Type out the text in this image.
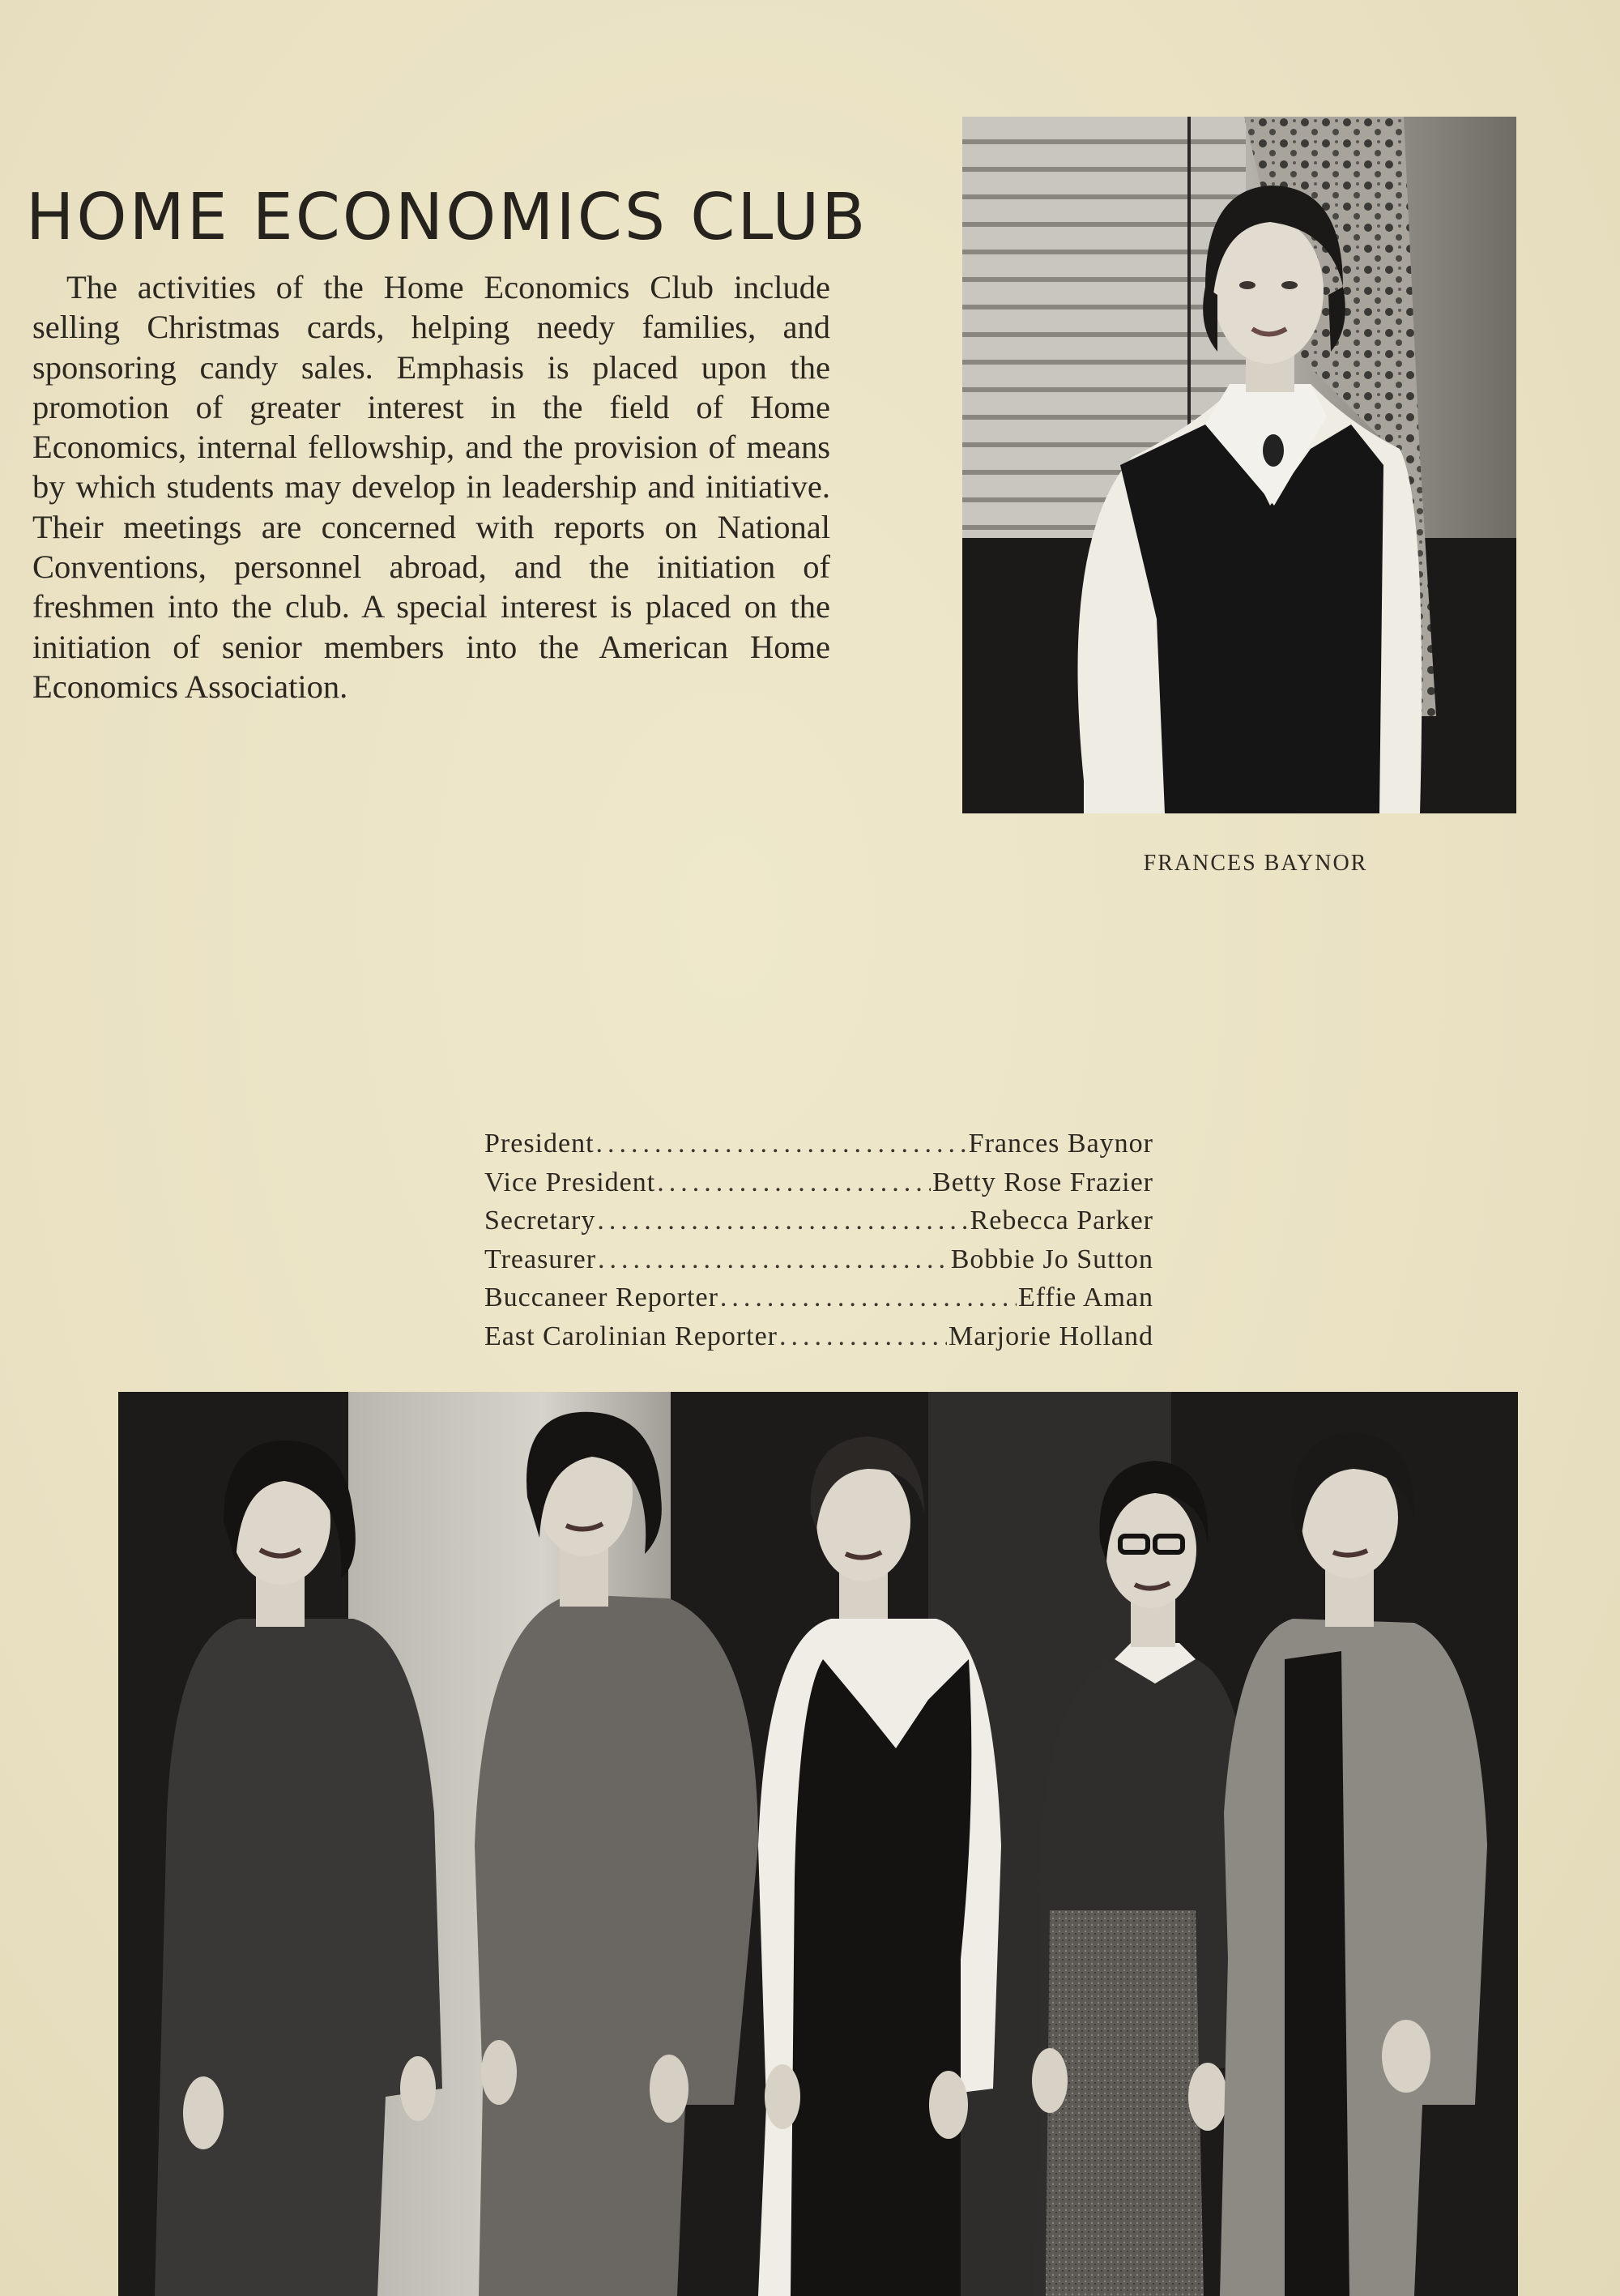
HOME ECONOMICS CLUB

The activities of the Home Economics Club include selling Christmas cards, helping needy families, and sponsoring candy sales. Emphasis is placed upon the promotion of greater interest in the field of Home Economics, internal fellowship, and the provision of means by which students may develop in leadership and initiative. Their meetings are concerned with reports on National Conventions, personnel abroad, and the initiation of freshmen into the club. A special interest is placed on the initiation of senior members into the American Home Economics Association.

FRANCES BAYNOR
President .....	Frances Baynor
Vice President .....	Betty Rose Frazier
Secretary .....	Rebecca Parker
Treasurer .....	Bobbie Jo Sutton
Buccaneer Reporter .....	Effie Aman
East Carolinian Reporter .....	Marjorie Holland
